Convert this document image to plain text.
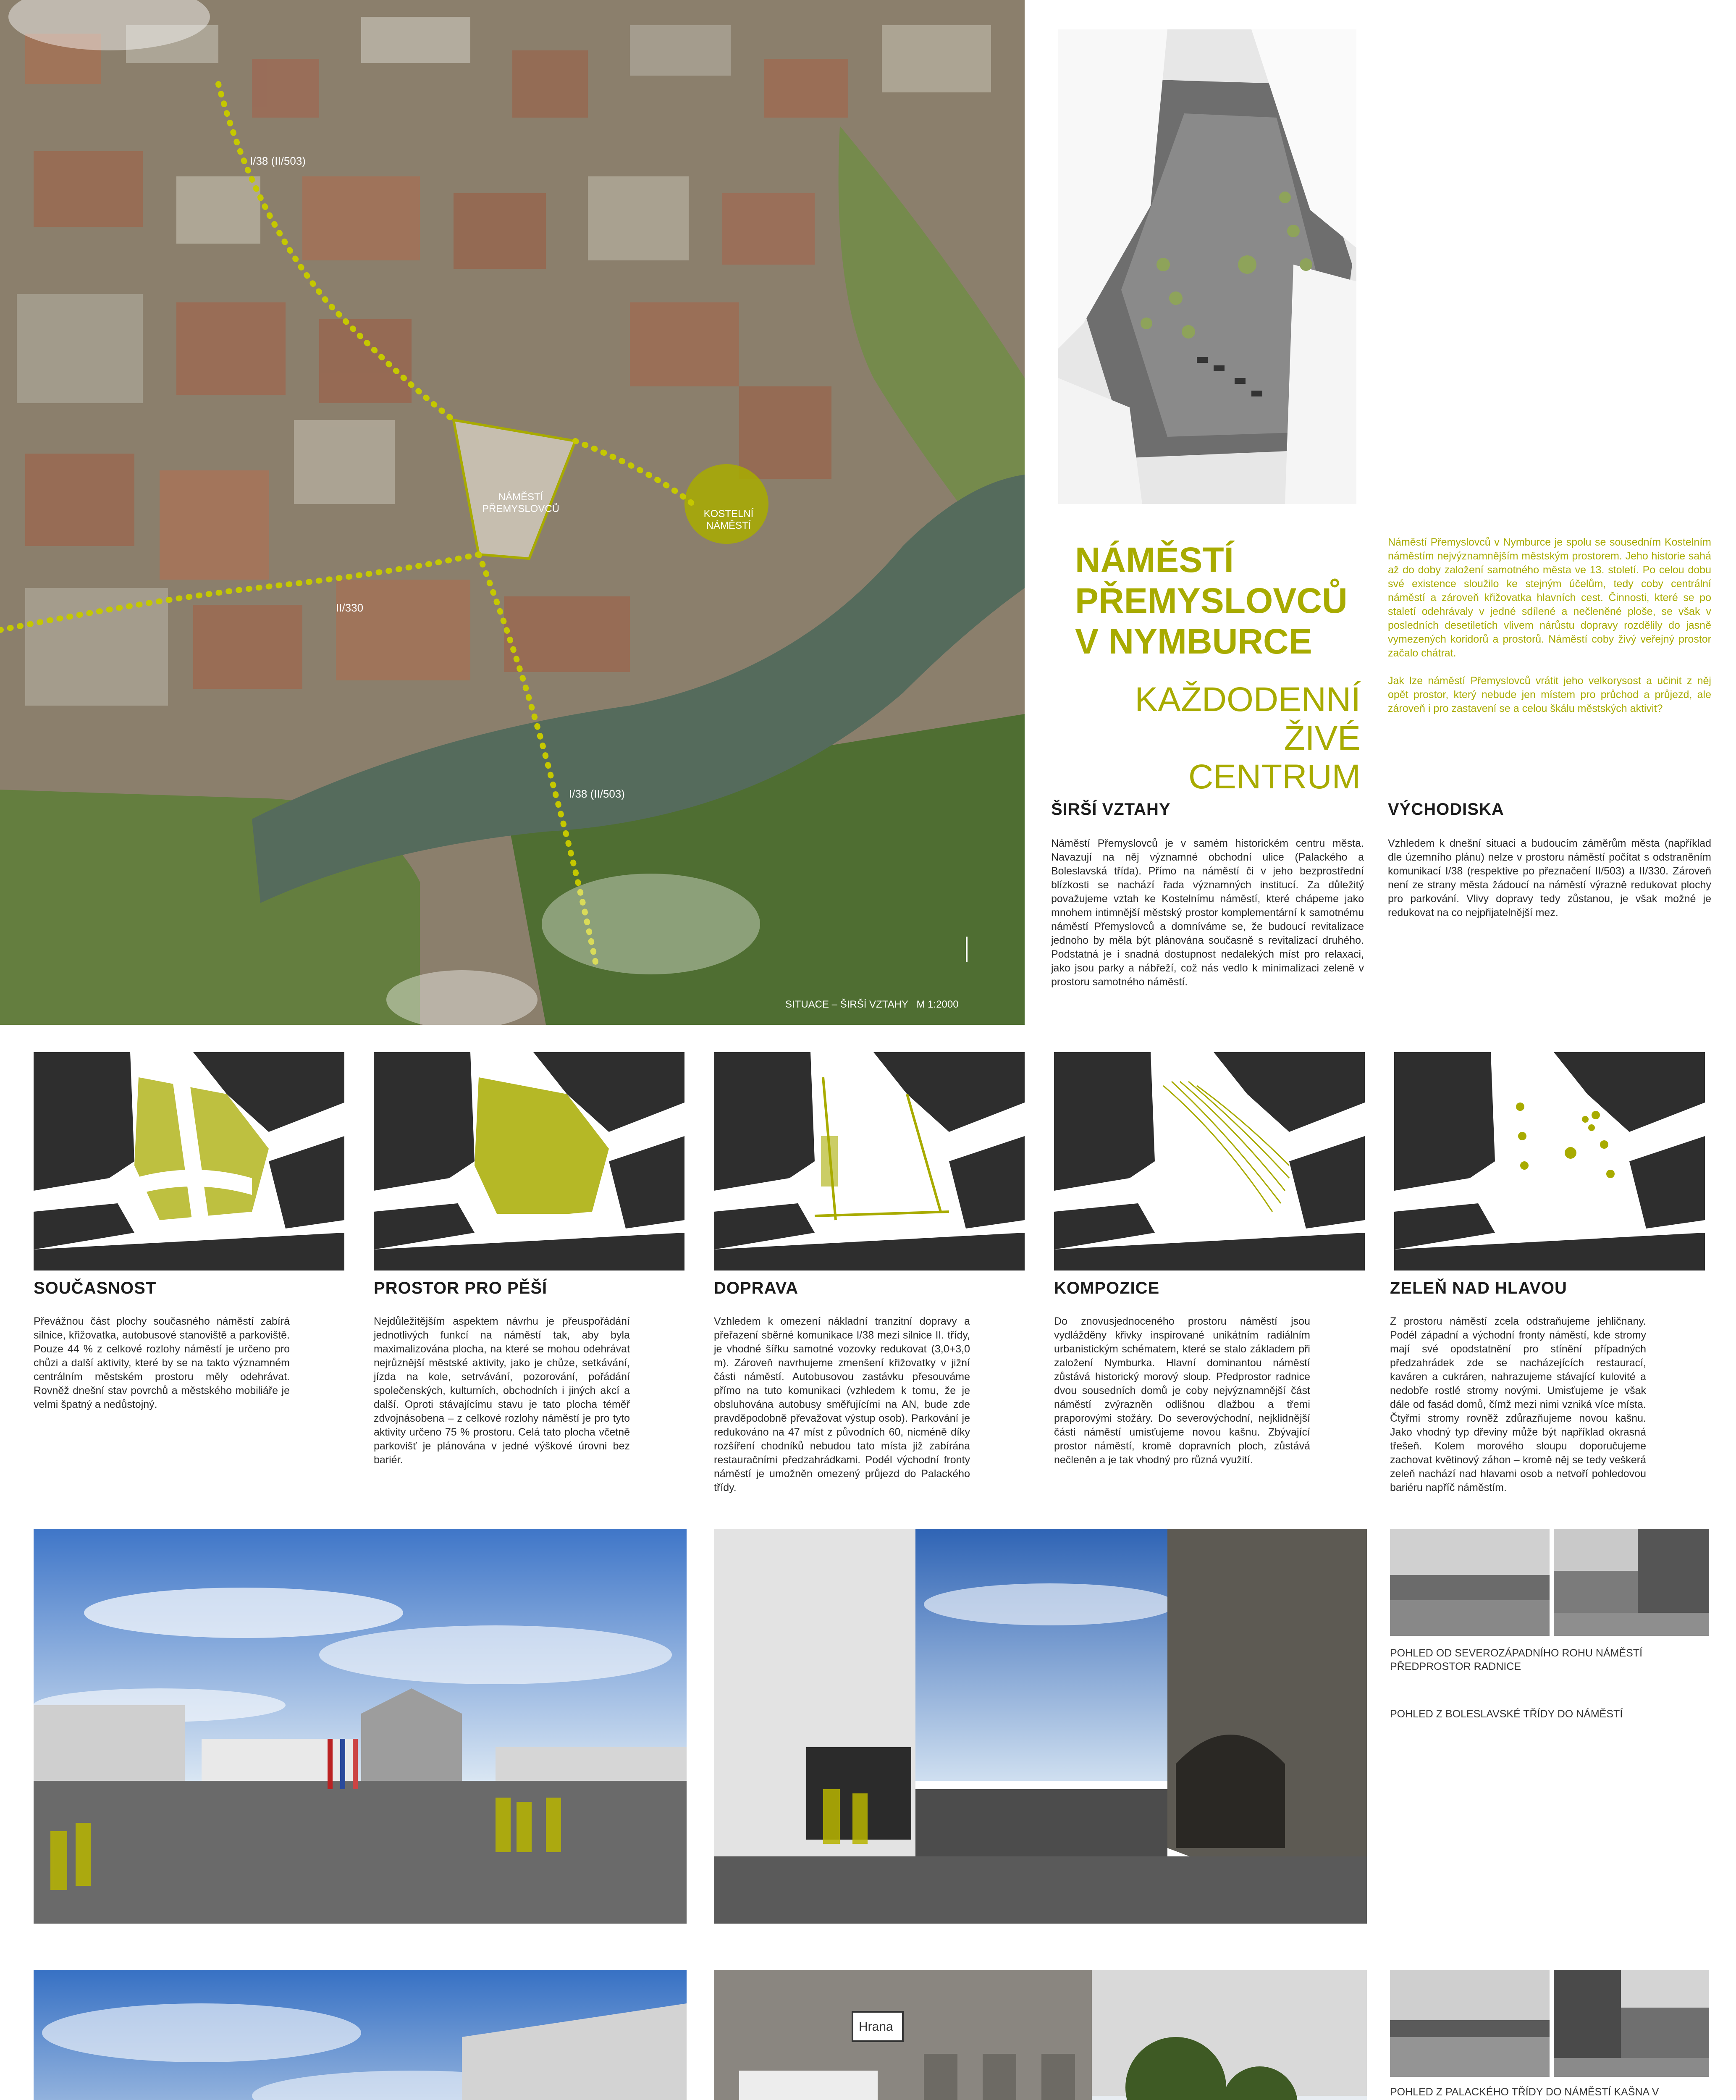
I/38 (II/503)
II/330
I/38 (II/503)
NÁMĚSTÍ PŘEMYSLOVCŮ	KOSTELNÍ NÁMĚSTÍ
SITUACE – ŠIRŠÍ VZTAHY   M 1:2000
NÁMĚSTÍ
PŘEMYSLOVCŮ
V NYMBURCE
KAŽDODENNÍ
ŽIVÉ CENTRUM

Náměstí Přemyslovců v Nymburce je spolu se sousedním Kostelním náměstím nejvýznamnějším městským prostorem. Jeho historie sahá až do doby založení samotného města ve 13. století. Po celou dobu své existence sloužilo ke stejným účelům, tedy coby centrální náměstí a zároveň křižovatka hlavních cest. Činnosti, které se po staletí odehrávaly v jedné sdílené a nečleněné ploše, se však v posledních desetiletích vlivem nárůstu dopravy rozdělily do jasně vymezených koridorů a prostorů. Náměstí coby živý veřejný prostor začalo chátrat.

Jak lze náměstí Přemyslovců vrátit jeho velkorysost a učinit z něj opět prostor, který nebude jen místem pro průchod a průjezd, ale zároveň i pro zastavení se a celou škálu městských aktivit?

ŠIRŠÍ VZTAHY

Náměstí Přemyslovců je v samém historickém centru města. Navazují na něj významné obchodní ulice (Palackého a Boleslavská třída). Přímo na náměstí či v jeho bezprostřední blízkosti se nachází řada významných institucí. Za důležitý považujeme vztah ke Kostelnímu náměstí, které chápeme jako mnohem intimnější městský prostor komplementární k samotnému náměstí Přemyslovců a domníváme se, že budoucí revitalizace jednoho by měla být plánována současně s revitalizací druhého. Podstatná je i snadná dostupnost nedalekých míst pro relaxaci, jako jsou parky a nábřeží, což nás vedlo k minimalizaci zeleně v prostoru samotného náměstí.

VÝCHODISKA

Vzhledem k dnešní situaci a budoucím záměrům města (například dle územního plánu) nelze v prostoru náměstí počítat s odstraněním komunikací I/38 (respektive po přeznačení II/503) a II/330. Zároveň není ze strany města žádoucí na náměstí výrazně redukovat plochy pro parkování. Vlivy dopravy tedy zůstanou, je však možné je redukovat na co nejpřijatelnější mez.

SOUČASNOST

Převážnou část plochy současného náměstí zabírá silnice, křižovatka, autobusové stanoviště a parkoviště. Pouze 44 % z celkové rozlohy náměstí je určeno pro chůzi a další aktivity, které by se na takto významném centrálním městském prostoru měly odehrávat. Rovněž dnešní stav povrchů a městského mobiliáře je velmi špatný a nedůstojný.

PROSTOR PRO PĚŠÍ

Nejdůležitějším aspektem návrhu je přeuspořádání jednotlivých funkcí na náměstí tak, aby byla maximalizována plocha, na které se mohou odehrávat nejrůznější městské aktivity, jako je chůze, setkávání, jízda na kole, setrvávání, pozorování, pořádání společenských, kulturních, obchodních i jiných akcí a další. Oproti stávajícímu stavu je tato plocha téměř zdvojnásobena – z celkové rozlohy náměstí je pro tyto aktivity určeno 75 % prostoru. Celá tato plocha včetně parkovišť je plánována v jedné výškové úrovni bez bariér.

DOPRAVA

Vzhledem k omezení nákladní tranzitní dopravy a přeřazení sběrné komunikace I/38 mezi silnice II. třídy, je vhodné šířku samotné vozovky redukovat (3,0+3,0 m). Zároveň navrhujeme zmenšení křižovatky v jižní části náměstí. Autobusovou zastávku přesouváme přímo na tuto komunikaci (vzhledem k tomu, že je obsluhována autobusy směřujícími na AN, bude zde pravděpodobně převažovat výstup osob). Parkování je redukováno na 47 míst z původních 60, nicméně díky rozšíření chodníků nebudou tato místa již zabírána restauračními předzahrádkami. Podél východní fronty náměstí je umožněn omezený průjezd do Palackého třídy.

KOMPOZICE

Do znovusjednoceného prostoru náměstí jsou vydlážděny křivky inspirované unikátním radiálním urbanistickým schématem, které se stalo základem při založení Nymburka. Hlavní dominantou náměstí zůstává historický morový sloup. Předprostor radnice dvou sousedních domů je coby nejvýznamnější část náměstí zvýrazněn odlišnou dlažbou a třemi praporovými stožáry. Do severovýchodní, nejklidnější části náměstí umisťujeme novou kašnu. Zbývající prostor náměstí, kromě dopravních ploch, zůstává nečleněn a je tak vhodný pro různá využití.

ZELEŇ NAD HLAVOU

Z prostoru náměstí zcela odstraňujeme jehličnany. Podél západní a východní fronty náměstí, kde stromy mají své opodstatnění pro stínění případných předzahrádek zde se nacházejících restaurací, kaváren a cukráren, nahrazujeme stávající kulovité a nedobře rostlé stromy novými. Umisťujeme je však dále od fasád domů, čímž mezi nimi vzniká více místa. Čtyřmi stromy rovněž zdůrazňujeme novou kašnu. Jako vhodný typ dřeviny může být například okrasná třešeň. Kolem morového sloupu doporučujeme zachovat květinový záhon – kromě něj se tedy veškerá zeleň nachází nad hlavami osob a netvoří pohledovou bariéru napříč náměstím.

Hrana

POHLED OD SEVEROZÁPADNÍHO ROHU NÁMĚSTÍ PŘEDPROSTOR RADNICE

POHLED Z BOLESLAVSKÉ TŘÍDY DO NÁMĚSTÍ

POHLED Z PALACKÉHO TŘÍDY DO NÁMĚSTÍ KAŠNA V
